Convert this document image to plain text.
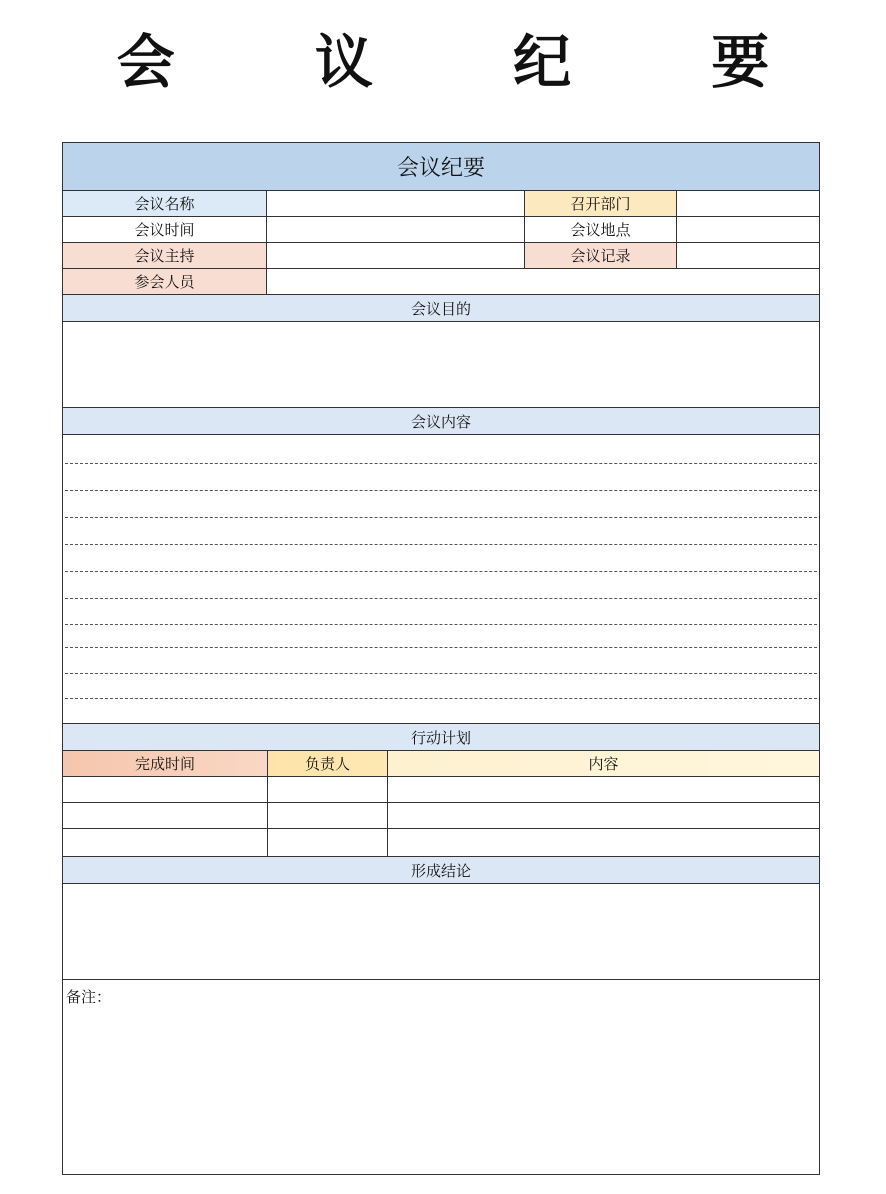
会 议 纪 要
会议纪要
会议名称	召开部门
会议时间	会议地点
会议主持	会议记录
参会人员
会议目的
会议内容
行动计划
完成时间	负责人	内容
形成结论
备注：
